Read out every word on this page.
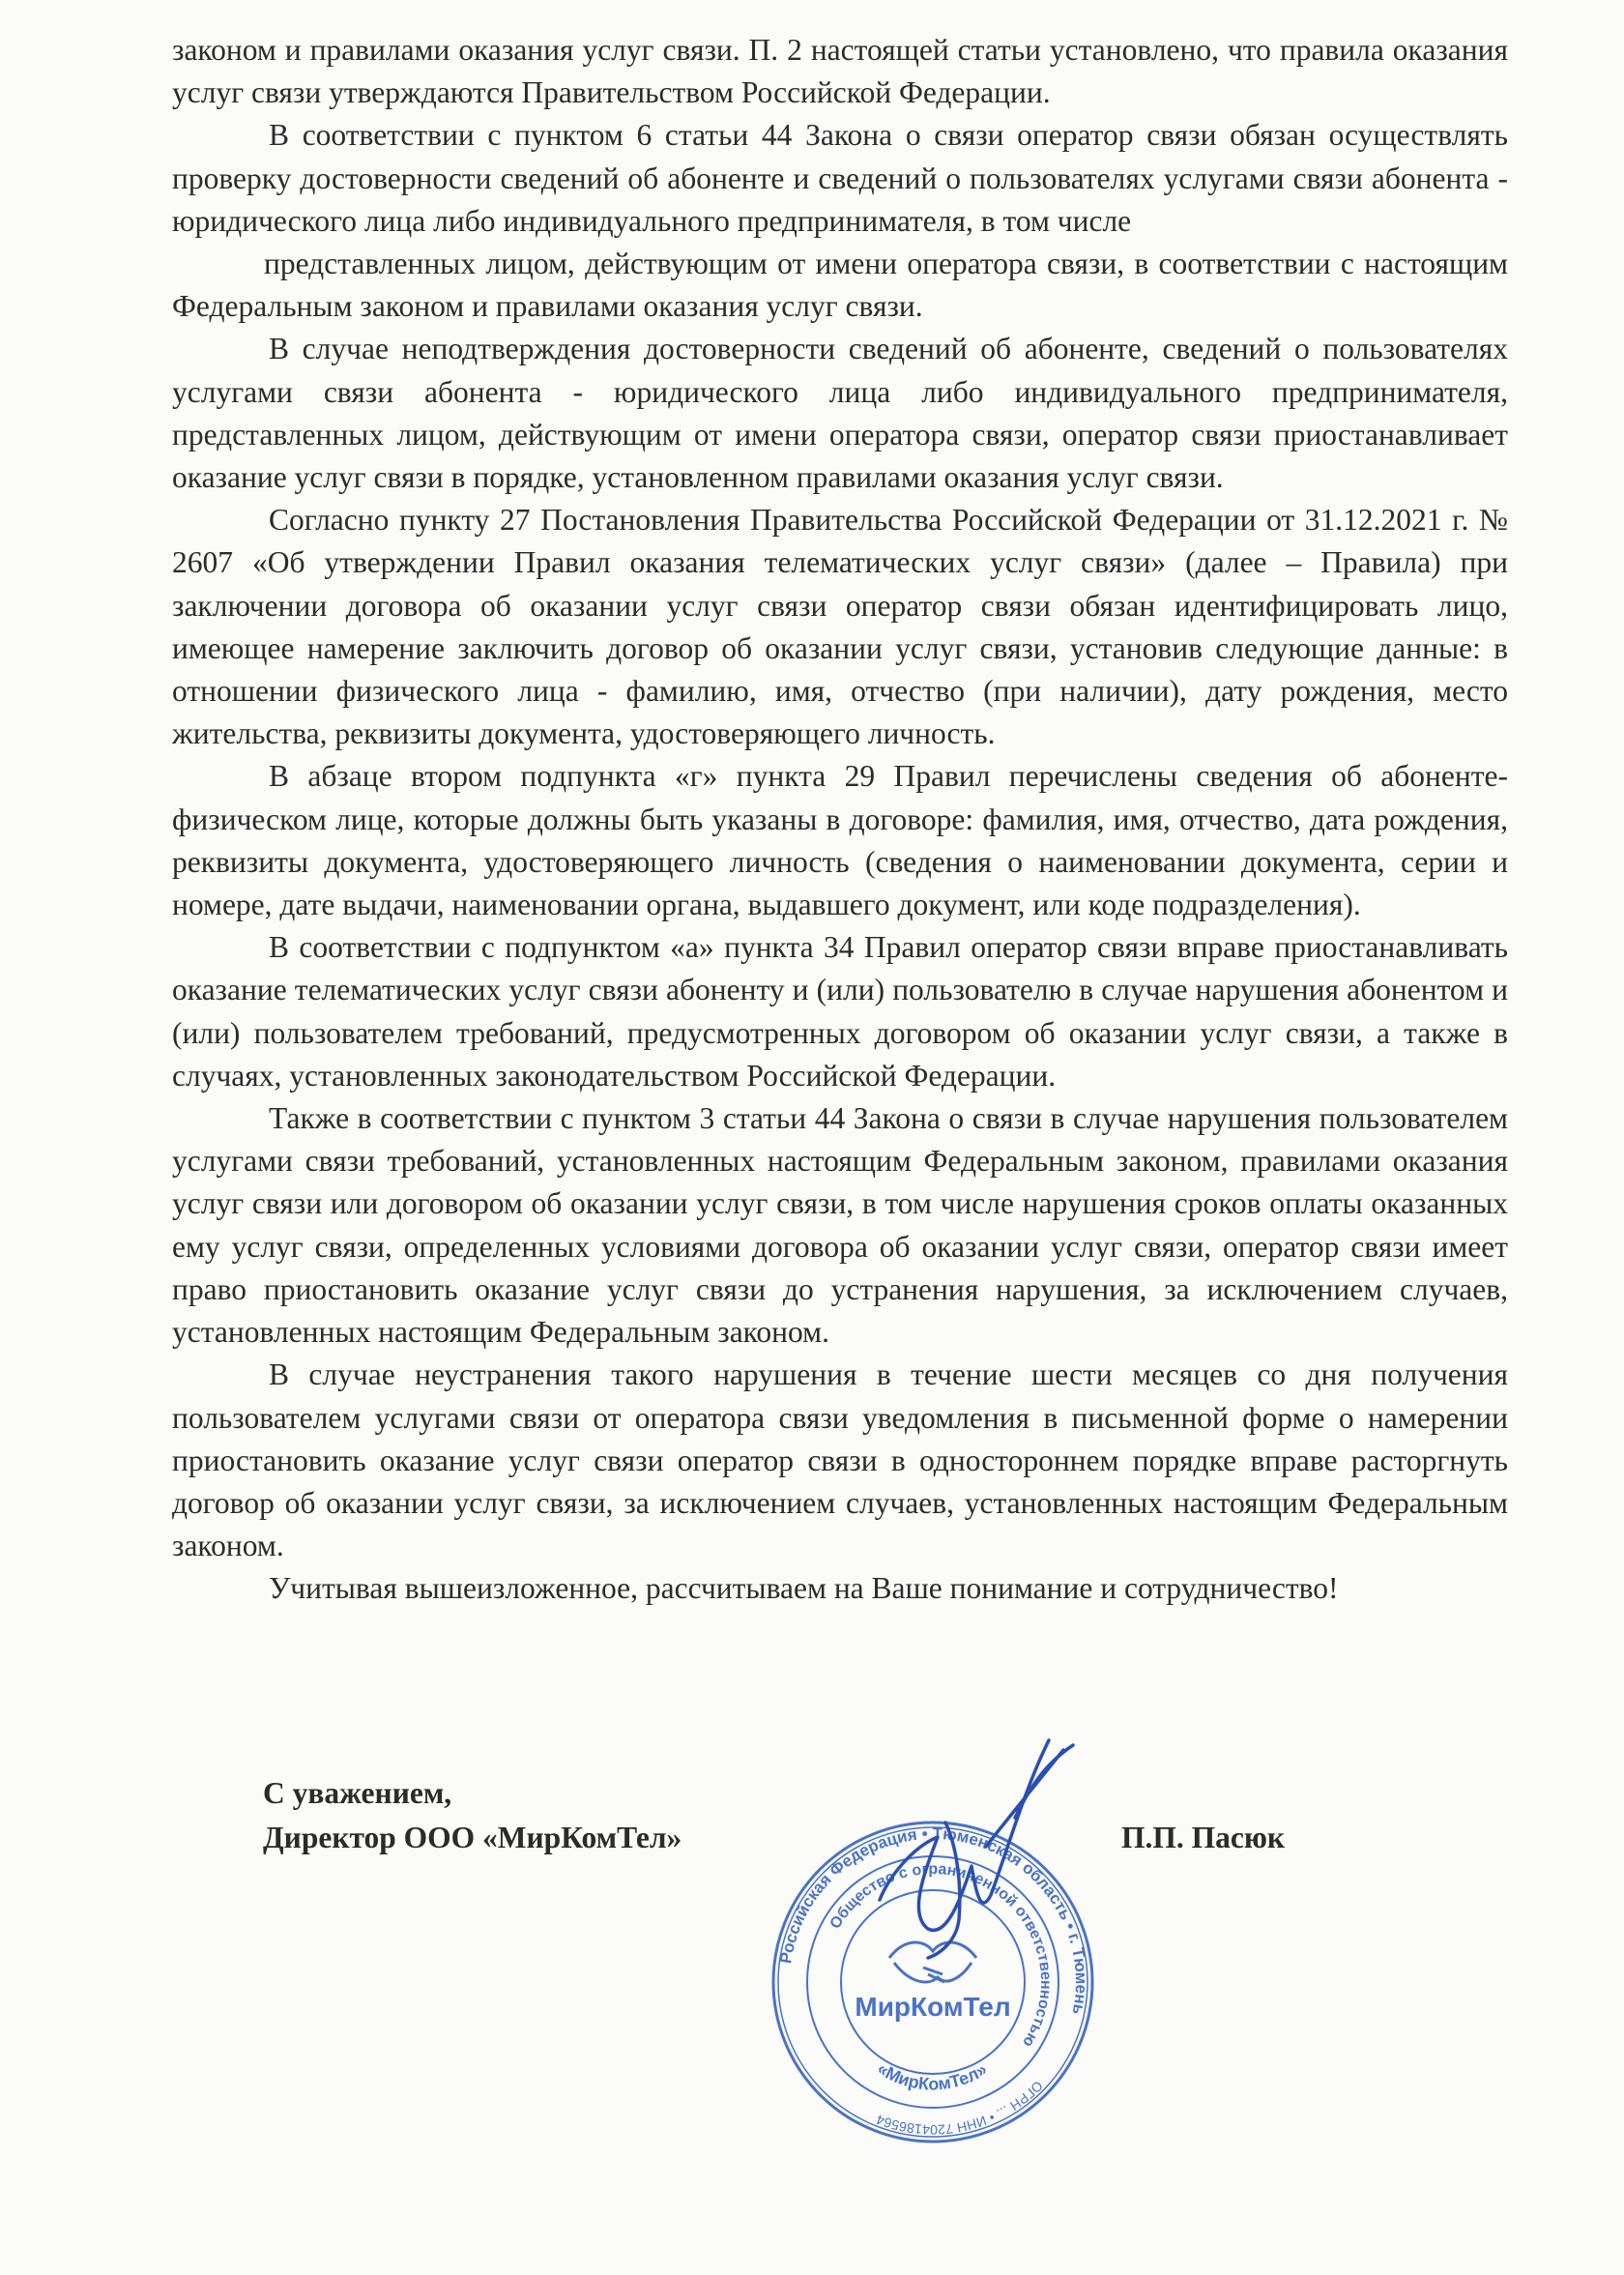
законом и правилами оказания услуг связи. П. 2 настоящей статьи установлено, что правила оказания услуг связи утверждаются Правительством Российской Федерации.

В соответствии с пунктом 6 статьи 44 Закона о связи оператор связи обязан осуществлять проверку достоверности сведений об абоненте и сведений о пользователях услугами связи абонента - юридического лица либо индивидуального предпринимателя, в том числе

представленных лицом, действующим от имени оператора связи, в соответствии с настоящим Федеральным законом и правилами оказания услуг связи.

В случае неподтверждения достоверности сведений об абоненте, сведений о пользователях услугами связи абонента - юридического лица либо индивидуального предпринимателя, представленных лицом, действующим от имени оператора связи, оператор связи приостанавливает оказание услуг связи в порядке, установленном правилами оказания услуг связи.

Согласно пункту 27 Постановления Правительства Российской Федерации от 31.12.2021 г. № 2607 «Об утверждении Правил оказания телематических услуг связи» (далее – Правила) при заключении договора об оказании услуг связи оператор связи обязан идентифицировать лицо, имеющее намерение заключить договор об оказании услуг связи, установив следующие данные: в отношении физического лица - фамилию, имя, отчество (при наличии), дату рождения, место жительства, реквизиты документа, удостоверяющего личность.

В абзаце втором подпункта «г» пункта 29 Правил перечислены сведения об абоненте-физическом лице, которые должны быть указаны в договоре: фамилия, имя, отчество, дата рождения, реквизиты документа, удостоверяющего личность (сведения о наименовании документа, серии и номере, дате выдачи, наименовании органа, выдавшего документ, или коде подразделения).

В соответствии с подпунктом «а» пункта 34 Правил оператор связи вправе приостанавливать оказание телематических услуг связи абоненту и (или) пользователю в случае нарушения абонентом и (или) пользователем требований, предусмотренных договором об оказании услуг связи, а также в случаях, установленных законодательством Российской Федерации.

Также в соответствии с пунктом 3 статьи 44 Закона о связи в случае нарушения пользователем услугами связи требований, установленных настоящим Федеральным законом, правилами оказания услуг связи или договором об оказании услуг связи, в том числе нарушения сроков оплаты оказанных ему услуг связи, определенных условиями договора об оказании услуг связи, оператор связи имеет право приостановить оказание услуг связи до устранения нарушения, за исключением случаев, установленных настоящим Федеральным законом.

В случае неустранения такого нарушения в течение шести месяцев со дня получения пользователем услугами связи от оператора связи уведомления в письменной форме о намерении приостановить оказание услуг связи оператор связи в одностороннем порядке вправе расторгнуть договор об оказании услуг связи, за исключением случаев, установленных настоящим Федеральным законом.

Учитывая вышеизложенное, рассчитываем на Ваше понимание и сотрудничество!

С уважением,
Директор ООО «МирКомТел»	П.П. Пасюк
Российская Федерация • Тюменская область • г. Тюмень
Общество с ограниченной ответственностью
ОГРН ... • ИНН 7204186564
МирКомТел
«МирКомТел»
